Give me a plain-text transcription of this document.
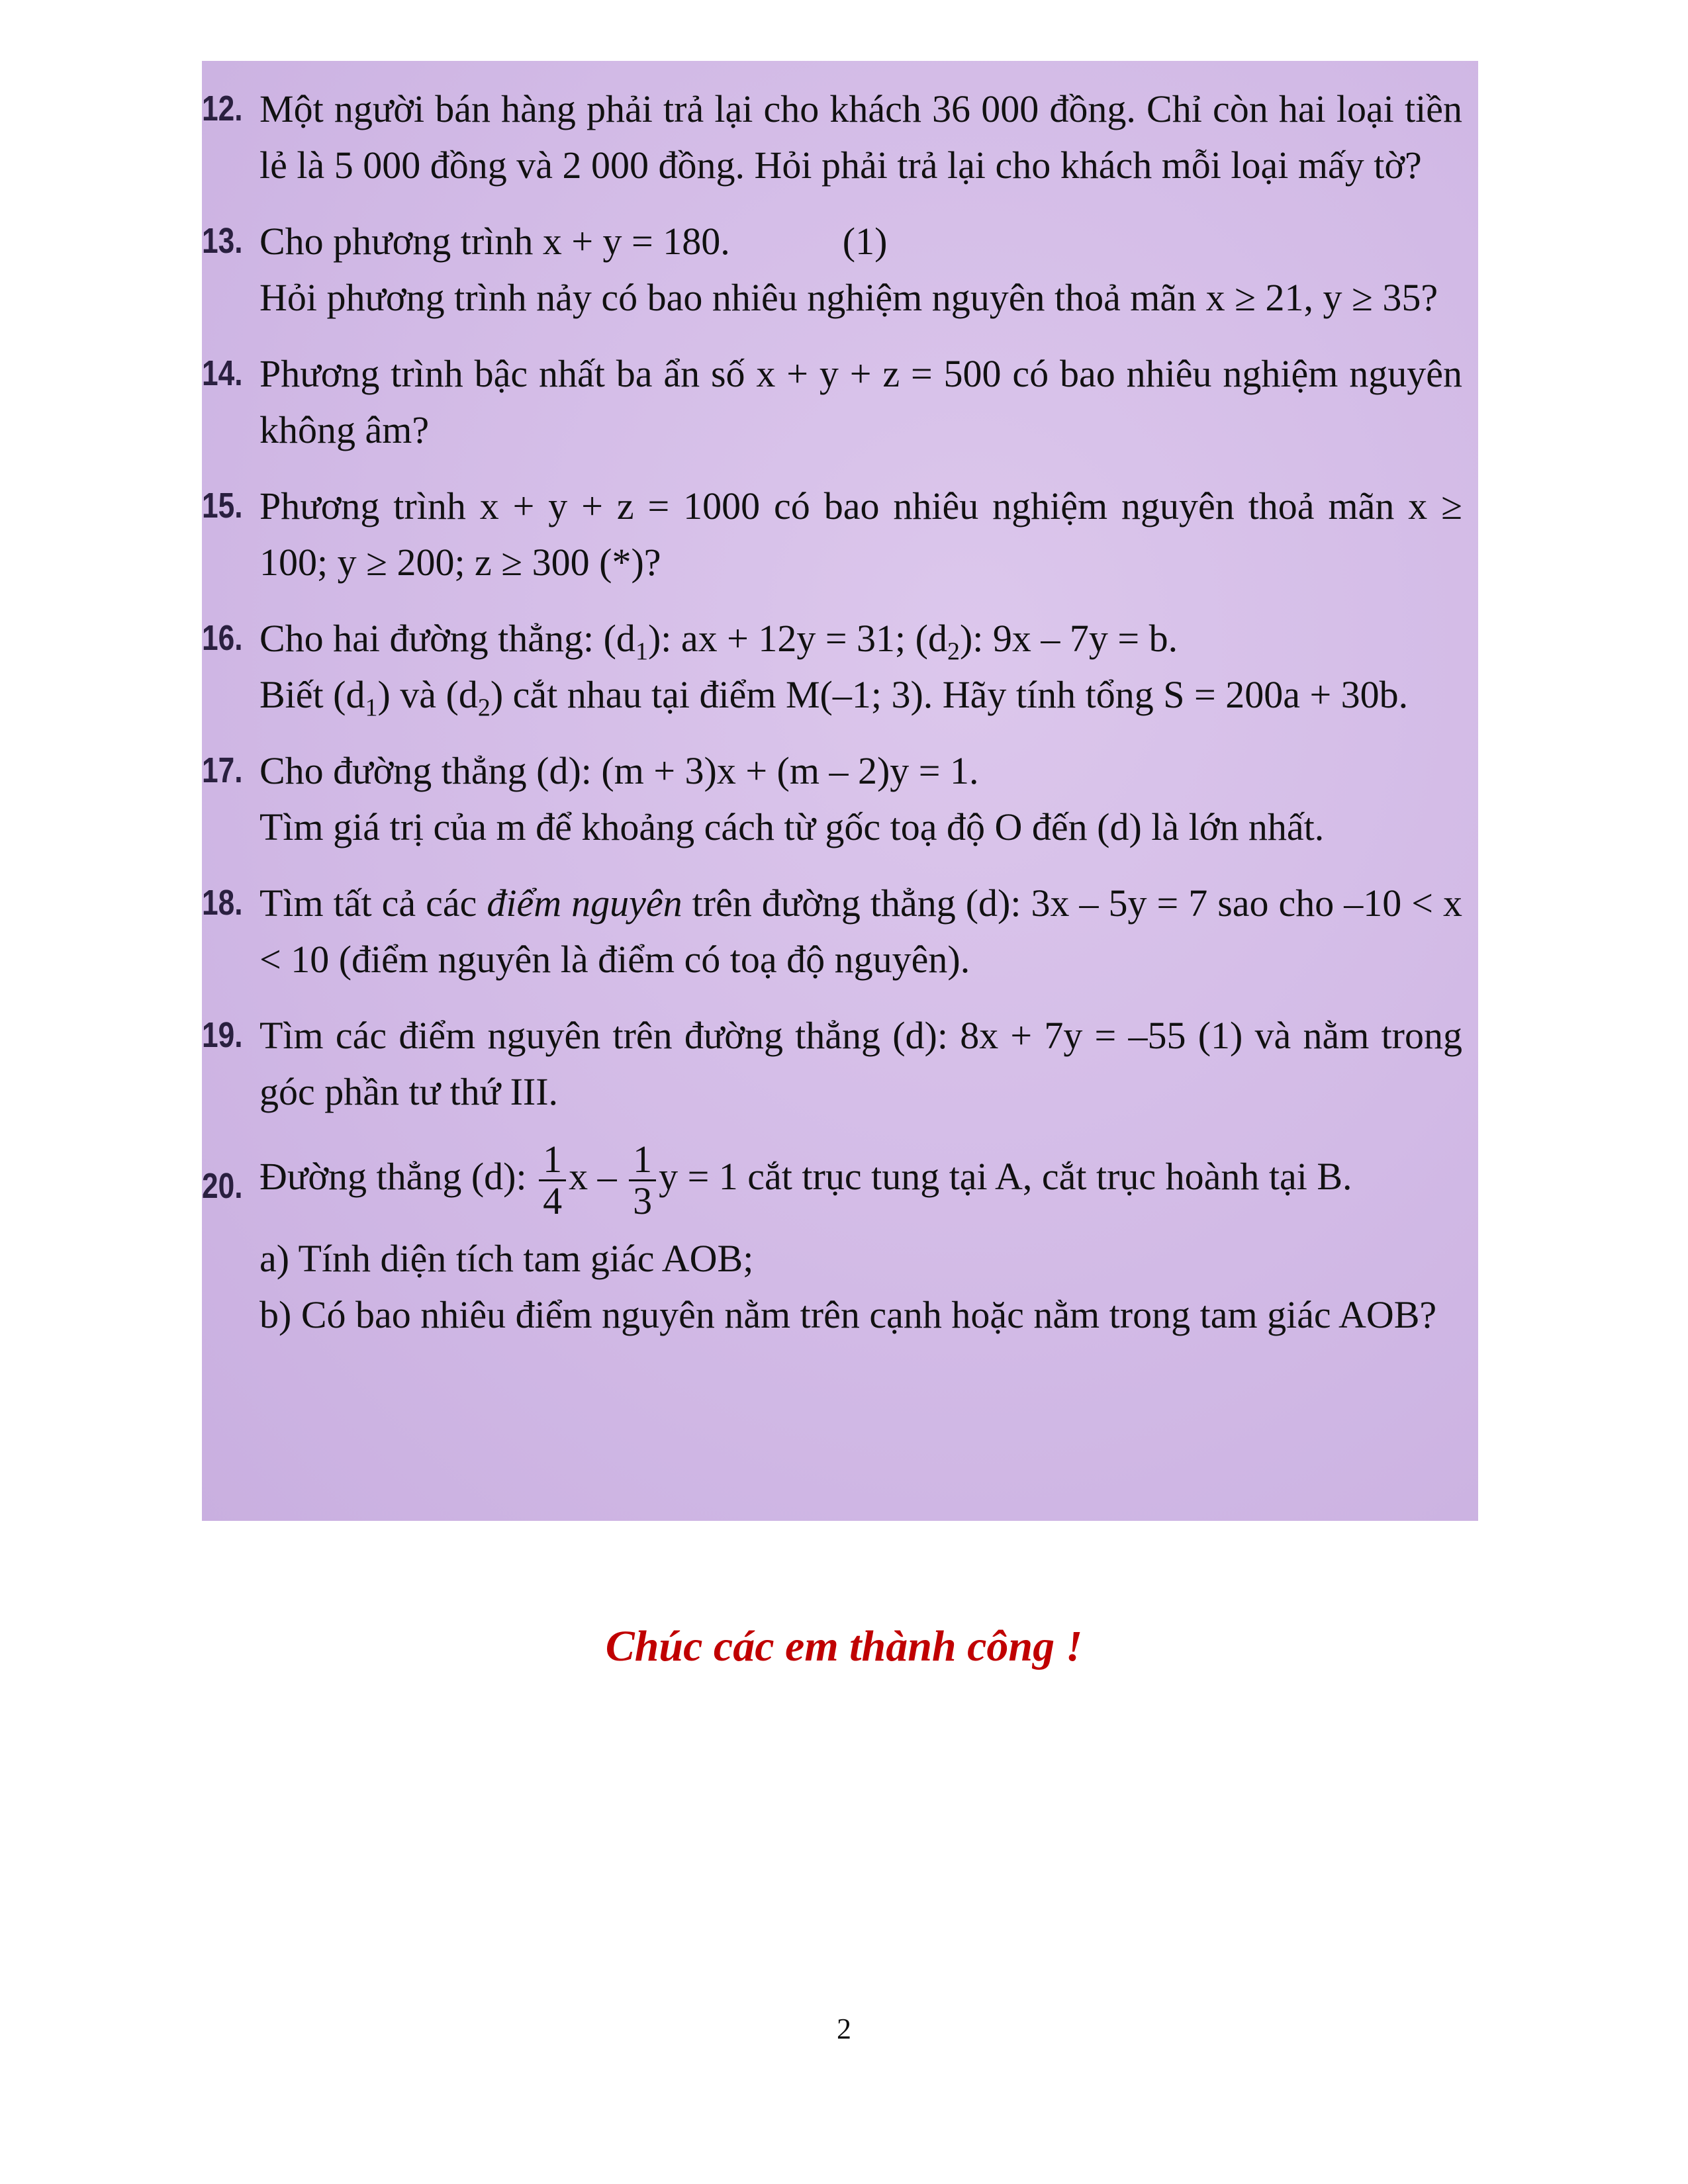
12. Một người bán hàng phải trả lại cho khách 36 000 đồng. Chỉ còn hai loại tiền lẻ là 5 000 đồng và 2 000 đồng. Hỏi phải trả lại cho khách mỗi loại mấy tờ?
13. Cho phương trình x + y = 180.	(1)
Hỏi phương trình nảy có bao nhiêu nghiệm nguyên thoả mãn x ≥ 21, y ≥ 35?
14. Phương trình bậc nhất ba ẩn số x + y + z = 500 có bao nhiêu nghiệm nguyên không âm?
15. Phương trình x + y + z = 1000 có bao nhiêu nghiệm nguyên thoả mãn x ≥ 100; y ≥ 200; z ≥ 300 (*)?
16. Cho hai đường thẳng: $(d_1)$: ax + 12y = 31; $(d_2)$: 9x – 7y = b.
Biết $(d_1)$ và $(d_2)$ cắt nhau tại điểm M(–1; 3). Hãy tính tổng S = 200a + 30b.
17. Cho đường thẳng (d): (m + 3)x + (m – 2)y = 1.
Tìm giá trị của m để khoảng cách từ gốc toạ độ O đến (d) là lớn nhất.
18. Tìm tất cả các điểm nguyên trên đường thẳng (d): 3x – 5y = 7 sao cho –10 < x < 10 (điểm nguyên là điểm có toạ độ nguyên).
19. Tìm các điểm nguyên trên đường thẳng (d): 8x + 7y = –55 (1) và nằm trong góc phần tư thứ III.
20. Đường thẳng (d): $\frac{1}{4}$ x – $\frac{1}{3}$ y = 1 cắt trục tung tại A, cắt trục hoành tại B.
a) Tính diện tích tam giác AOB;
b) Có bao nhiêu điểm nguyên nằm trên cạnh hoặc nằm trong tam giác AOB?
Chúc các em thành công !
2
